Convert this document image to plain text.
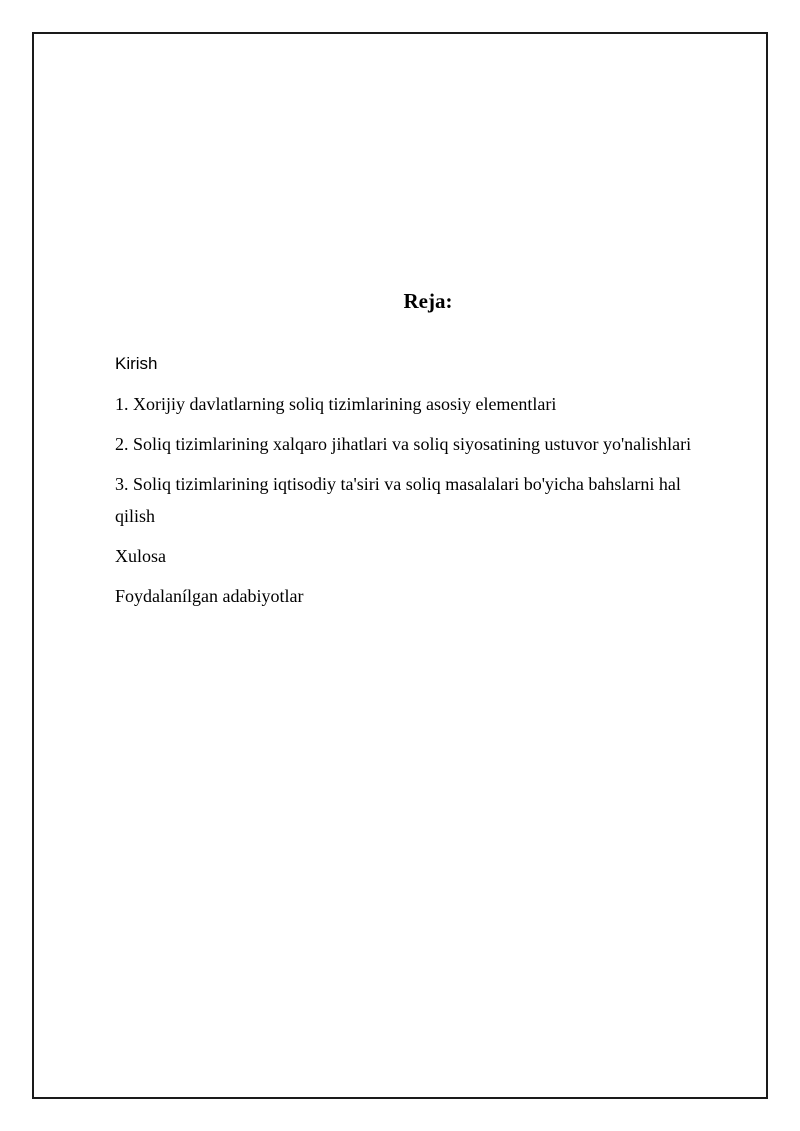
Reja:
Kirish
1. Xorijiy davlatlarning soliq tizimlarining asosiy elementlari
2. Soliq tizimlarining xalqaro jihatlari va soliq siyosatining ustuvor yo'nalishlari
3. Soliq tizimlarining iqtisodiy ta'siri va soliq masalalari bo'yicha bahslarni hal qilish
Xulosa
Foydalanílgan adabiyotlar
